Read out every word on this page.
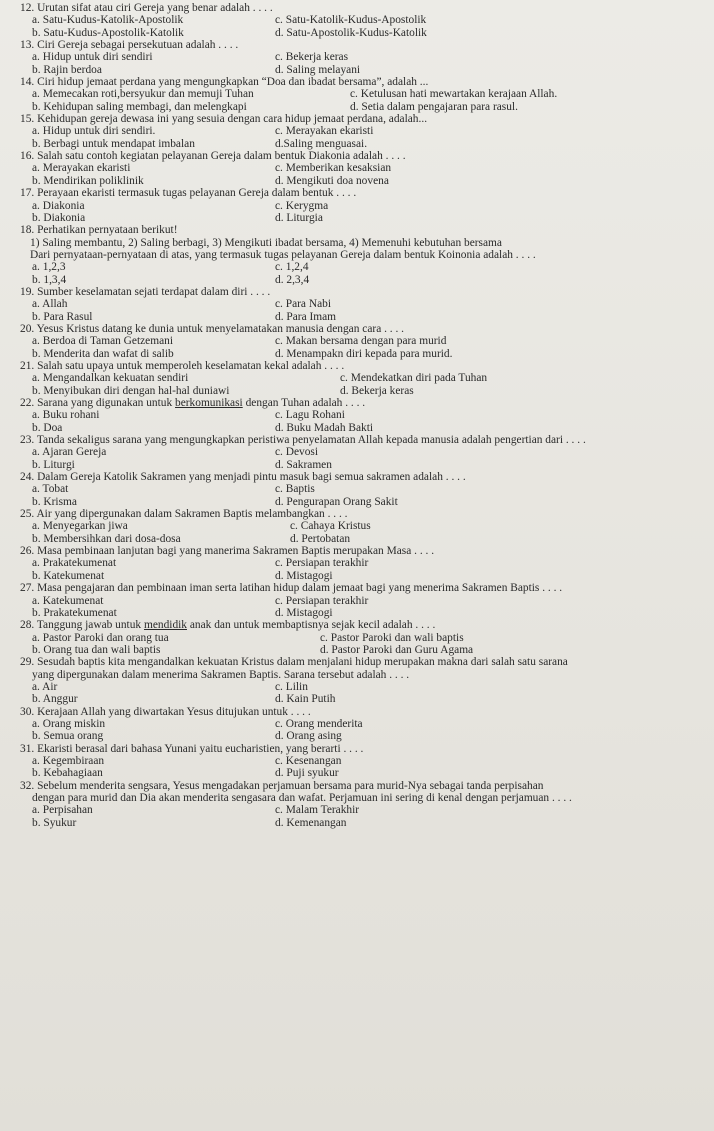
12. Urutan sifat atau ciri Gereja yang benar adalah . . . .
a. Satu-Kudus-Katolik-Apostolik	c. Satu-Katolik-Kudus-Apostolik
b. Satu-Kudus-Apostolik-Katolik	d. Satu-Apostolik-Kudus-Katolik
13. Ciri Gereja sebagai persekutuan adalah . . . .
a. Hidup untuk diri sendiri	c. Bekerja keras
b. Rajin berdoa	d. Saling melayani
14. Ciri hidup jemaat perdana yang mengungkapkan “Doa dan ibadat bersama”, adalah ...
a. Memecakan roti,bersyukur dan memuji Tuhan	c. Ketulusan hati mewartakan kerajaan Allah.
b. Kehidupan saling membagi, dan melengkapi	d. Setia dalam pengajaran para rasul.
15. Kehidupan gereja dewasa ini yang sesuia dengan cara hidup jemaat perdana, adalah...
a. Hidup untuk diri sendiri.	c. Merayakan ekaristi
b. Berbagi untuk mendapat imbalan	d.Saling menguasai.
16. Salah satu contoh kegiatan pelayanan Gereja dalam bentuk Diakonia adalah . . . .
a. Merayakan ekaristi	c. Memberikan kesaksian
b. Mendirikan poliklinik	d. Mengikuti doa novena
17. Perayaan ekaristi termasuk tugas pelayanan Gereja dalam bentuk . . . .
a. Diakonia	c. Kerygma
b. Diakonia	d. Liturgia
18. Perhatikan pernyataan berikut!
1) Saling membantu, 2) Saling berbagi, 3) Mengikuti ibadat bersama, 4) Memenuhi kebutuhan bersama
Dari pernyataan-pernyataan di atas, yang termasuk tugas pelayanan Gereja dalam bentuk Koinonia adalah . . . .
a. 1,2,3	c. 1,2,4
b. 1,3,4	d. 2,3,4
19. Sumber keselamatan sejati terdapat dalam diri . . . .
a. Allah	c. Para Nabi
b. Para Rasul	d. Para Imam
20. Yesus Kristus datang ke dunia untuk menyelamatakan manusia dengan cara . . . .
a. Berdoa di Taman Getzemani	c. Makan bersama dengan para murid
b. Menderita dan wafat di salib	d. Menampakn diri kepada para murid.
21. Salah satu upaya untuk memperoleh keselamatan kekal adalah . . . .
a. Mengandalkan kekuatan sendiri	c. Mendekatkan diri pada Tuhan
b. Menyibukan diri dengan hal-hal duniawi	d. Bekerja keras
22. Sarana yang digunakan untuk berkomunikasi dengan Tuhan adalah . . . .
a. Buku rohani	c. Lagu Rohani
b. Doa	d. Buku Madah Bakti
23. Tanda sekaligus sarana yang mengungkapkan peristiwa penyelamatan Allah kepada manusia adalah pengertian dari . . . .
a. Ajaran Gereja	c. Devosi
b. Liturgi	d. Sakramen
24. Dalam Gereja Katolik Sakramen yang menjadi pintu masuk bagi semua sakramen adalah . . . .
a. Tobat	c. Baptis
b. Krisma	d. Pengurapan Orang Sakit
25. Air yang dipergunakan dalam Sakramen Baptis melambangkan . . . .
a. Menyegarkan jiwa	c. Cahaya Kristus
b. Membersihkan dari dosa-dosa	d. Pertobatan
26. Masa pembinaan lanjutan bagi yang manerima Sakramen Baptis merupakan Masa . . . .
a. Prakatekumenat	c. Persiapan terakhir
b. Katekumenat	d. Mistagogi
27. Masa pengajaran dan pembinaan iman serta latihan hidup dalam jemaat bagi yang menerima Sakramen Baptis . . . .
a. Katekumenat	c. Persiapan terakhir
b. Prakatekumenat	d. Mistagogi
28. Tanggung jawab untuk mendidik anak dan untuk membaptisnya sejak kecil adalah . . . .
a. Pastor Paroki dan orang tua	c. Pastor Paroki dan wali baptis
b. Orang tua dan wali baptis	d. Pastor Paroki dan Guru Agama
29. Sesudah baptis kita mengandalkan kekuatan Kristus dalam menjalani hidup merupakan makna dari salah satu sarana
yang dipergunakan dalam menerima Sakramen Baptis. Sarana tersebut adalah . . . .
a. Air	c. Lilin
b. Anggur	d. Kain Putih
30. Kerajaan Allah yang diwartakan Yesus ditujukan untuk . . . .
a. Orang miskin	c. Orang menderita
b. Semua orang	d. Orang asing
31. Ekaristi berasal dari bahasa Yunani yaitu eucharistien, yang berarti . . . .
a. Kegembiraan	c. Kesenangan
b. Kebahagiaan	d. Puji syukur
32. Sebelum menderita sengsara, Yesus mengadakan perjamuan bersama para murid-Nya sebagai tanda perpisahan
dengan para murid dan Dia akan menderita sengasara dan wafat. Perjamuan ini sering di kenal dengan perjamuan . . . .
a. Perpisahan	c. Malam Terakhir
b. Syukur	d. Kemenangan
